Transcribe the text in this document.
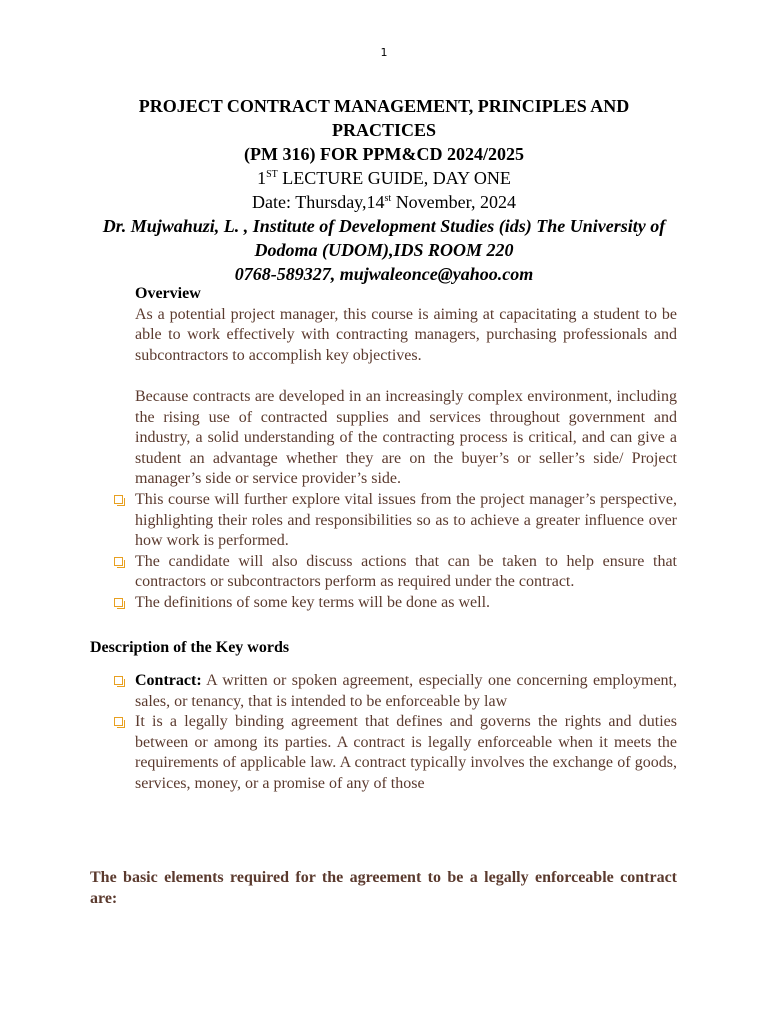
1
PROJECT CONTRACT MANAGEMENT, PRINCIPLES AND PRACTICES
(PM 316) FOR PPM&CD 2024/2025
1ST LECTURE GUIDE, DAY ONE
Date: Thursday,14st November, 2024
Dr. Mujwahuzi, L. , Institute of Development Studies (ids) The University of Dodoma (UDOM),IDS ROOM 220
0768-589327, mujwaleonce@yahoo.com

Overview

As a potential project manager, this course is aiming at capacitating a student to be able to work effectively with contracting managers, purchasing professionals and subcontractors to accomplish key objectives.

Because contracts are developed in an increasingly complex environment, including the rising use of contracted supplies and services throughout government and industry, a solid understanding of the contracting process is critical, and can give a student an advantage whether they are on the buyer’s or seller’s side/ Project manager’s side or service provider’s side.

This course will further explore vital issues from the project manager’s perspective, highlighting their roles and responsibilities so as to achieve a greater influence over how work is performed.
The candidate will also discuss actions that can be taken to help ensure that contractors or subcontractors perform as required under the contract.
The definitions of some key terms will be done as well.
Description of the Key words
Contract: A written or spoken agreement, especially one concerning employment, sales, or tenancy, that is intended to be enforceable by law
It is a legally binding agreement that defines and governs the rights and duties between or among its parties. A contract is legally enforceable when it meets the requirements of applicable law. A contract typically involves the exchange of goods, services, money, or a promise of any of those
The basic elements required for the agreement to be a legally enforceable contract are:
